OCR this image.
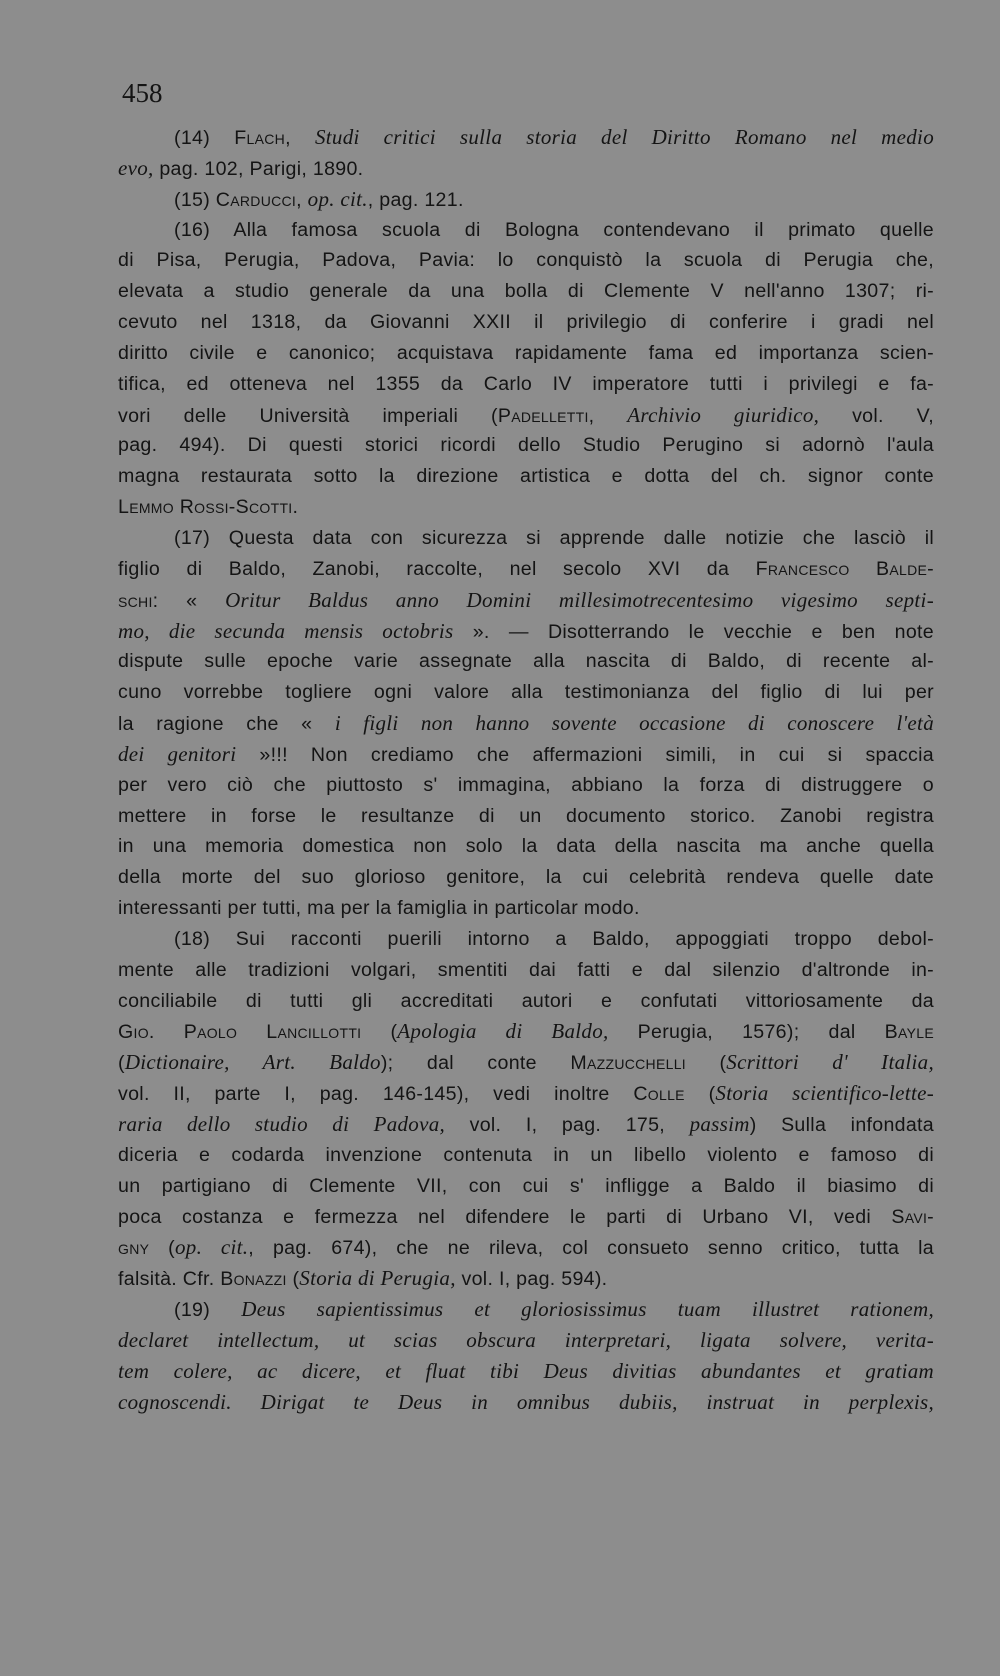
458
(14) Flach, Studi critici sulla storia del Diritto Romano nel medio
evo, pag. 102, Parigi, 1890.
(15) Carducci, op. cit., pag. 121.
(16) Alla famosa scuola di Bologna contendevano il primato quelle
di Pisa, Perugia, Padova, Pavia: lo conquistò la scuola di Perugia che,
elevata a studio generale da una bolla di Clemente V nell'anno 1307; ri-
cevuto nel 1318, da Giovanni XXII il privilegio di conferire i gradi nel
diritto civile e canonico; acquistava rapidamente fama ed importanza scien-
tifica, ed otteneva nel 1355 da Carlo IV imperatore tutti i privilegi e fa-
vori delle Università imperiali (Padelletti, Archivio giuridico, vol. V,
pag. 494). Di questi storici ricordi dello Studio Perugino si adornò l'aula
magna restaurata sotto la direzione artistica e dotta del ch. signor conte
Lemmo Rossi-Scotti.
(17) Questa data con sicurezza si apprende dalle notizie che lasciò il
figlio di Baldo, Zanobi, raccolte, nel secolo XVI da Francesco Balde-
schi: « Oritur Baldus anno Domini millesimotrecentesimo vigesimo septi-
mo, die secunda mensis octobris ». — Disotterrando le vecchie e ben note
dispute sulle epoche varie assegnate alla nascita di Baldo, di recente al-
cuno vorrebbe togliere ogni valore alla testimonianza del figlio di lui per
la ragione che « i figli non hanno sovente occasione di conoscere l'età
dei genitori »!!! Non crediamo che affermazioni simili, in cui si spaccia
per vero ciò che piuttosto s' immagina, abbiano la forza di distruggere o
mettere in forse le resultanze di un documento storico. Zanobi registra
in una memoria domestica non solo la data della nascita ma anche quella
della morte del suo glorioso genitore, la cui celebrità rendeva quelle date
interessanti per tutti, ma per la famiglia in particolar modo.
(18) Sui racconti puerili intorno a Baldo, appoggiati troppo debol-
mente alle tradizioni volgari, smentiti dai fatti e dal silenzio d'altronde in-
conciliabile di tutti gli accreditati autori e confutati vittoriosamente da
Gio. Paolo Lancillotti (Apologia di Baldo, Perugia, 1576); dal Bayle
(Dictionaire, Art. Baldo); dal conte Mazzucchelli (Scrittori d' Italia,
vol. II, parte I, pag. 146-145), vedi inoltre Colle (Storia scientifico-lette-
raria dello studio di Padova, vol. I, pag. 175, passim) Sulla infondata
diceria e codarda invenzione contenuta in un libello violento e famoso di
un partigiano di Clemente VII, con cui s' infligge a Baldo il biasimo di
poca costanza e fermezza nel difendere le parti di Urbano VI, vedi Savi-
gny (op. cit., pag. 674), che ne rileva, col consueto senno critico, tutta la
falsità. Cfr. Bonazzi (Storia di Perugia, vol. I, pag. 594).
(19) Deus sapientissimus et gloriosissimus tuam illustret rationem,
declaret intellectum, ut scias obscura interpretari, ligata solvere, verita-
tem colere, ac dicere, et fluat tibi Deus divitias abundantes et gratiam
cognoscendi. Dirigat te Deus in omnibus dubiis, instruat in perplexis,
